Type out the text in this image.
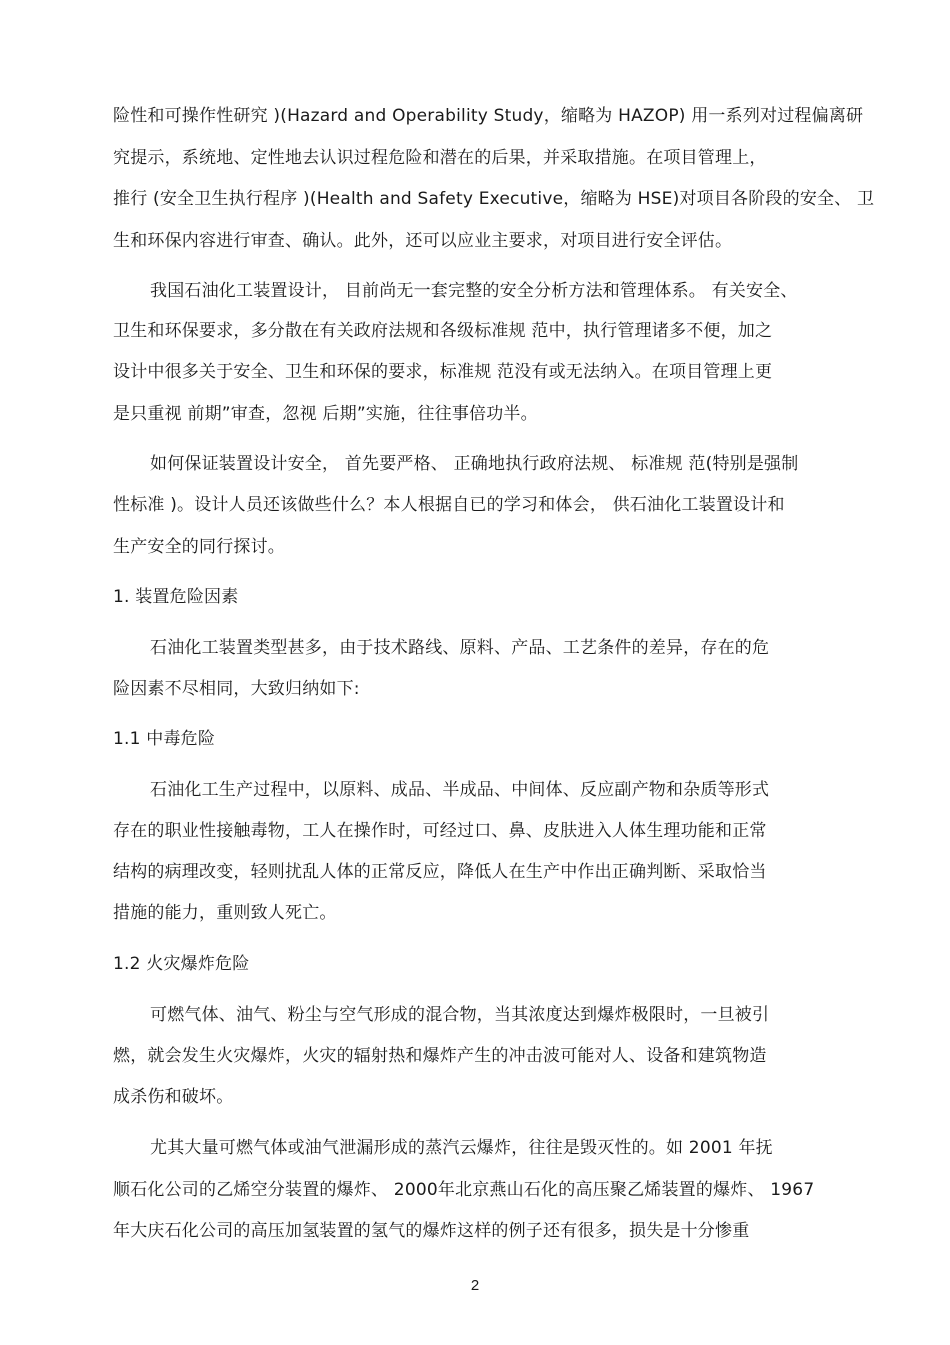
险性和可操作性研究 )(Hazard and Operability Study，缩略为 HAZOP) 用一系列对过程偏离研
究提示，系统地、定性地去认识过程危险和潜在的后果，并采取措施。在项目管理上，
推行 (安全卫生执行程序 )(Health and Safety Executive，缩略为 HSE)对项目各阶段的安全、 卫
生和环保内容进行审查、确认。此外，还可以应业主要求，对项目进行安全评估。
我国石油化工装置设计， 目前尚无一套完整的安全分析方法和管理体系。 有关安全、
卫生和环保要求，多分散在有关政府法规和各级标准规 范中，执行管理诸多不便，加之
设计中很多关于安全、卫生和环保的要求，标准规 范没有或无法纳入。在项目管理上更
是只重视 前期”审查，忽视 后期”实施，往往事倍功半。
如何保证装置设计安全， 首先要严格、 正确地执行政府法规、 标准规 范(特别是强制
性标准 )。设计人员还该做些什么？本人根据自已的学习和体会， 供石油化工装置设计和
生产安全的同行探讨。
1. 装置危险因素
石油化工装置类型甚多，由于技术路线、原料、产品、工艺条件的差异，存在的危
险因素不尽相同，大致归纳如下:
1.1 中毒危险
石油化工生产过程中，以原料、成品、半成品、中间体、反应副产物和杂质等形式
存在的职业性接触毒物，工人在操作时，可经过口、鼻、皮肤进入人体生理功能和正常
结构的病理改变，轻则扰乱人体的正常反应，降低人在生产中作出正确判断、采取恰当
措施的能力，重则致人死亡。
1.2 火灾爆炸危险
可燃气体、油气、粉尘与空气形成的混合物，当其浓度达到爆炸极限时，一旦被引
燃，就会发生火灾爆炸，火灾的辐射热和爆炸产生的冲击波可能对人、设备和建筑物造
成杀伤和破坏。
尤其大量可燃气体或油气泄漏形成的蒸汽云爆炸，往往是毁灭性的。如 2001 年抚
顺石化公司的乙烯空分装置的爆炸、 2000年北京燕山石化的高压聚乙烯装置的爆炸、 1967
年大庆石化公司的高压加氢装置的氢气的爆炸这样的例子还有很多，损失是十分惨重
2
